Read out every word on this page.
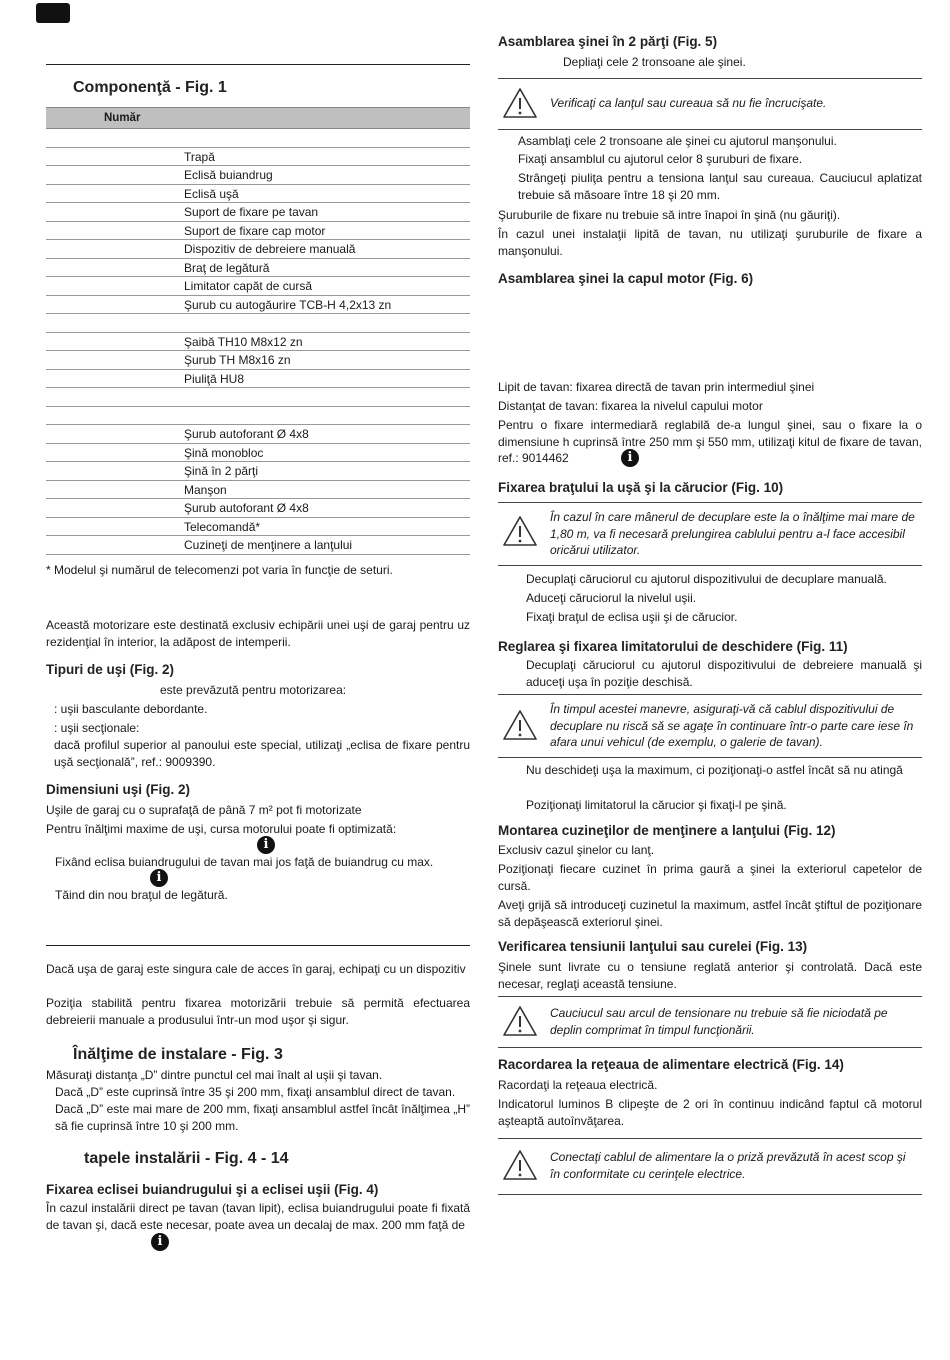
Componenţă - Fig. 1
Număr
Trapă
Eclisă buiandrug
Eclisă uşă
Suport de fixare pe tavan
Suport de fixare cap motor
Dispozitiv de debreiere manuală
Braţ de legătură
Limitator capăt de cursă
Şurub cu autogăurire TCB-H 4,2x13 zn
Şaibă TH10 M8x12 zn
Şurub TH M8x16 zn
Piuliţă HU8
Şurub autoforant Ø 4x8
Şină monobloc
Şină în 2 părţi
Manşon
Şurub autoforant Ø 4x8
Telecomandă*
Cuzineţi de menţinere a lanţului
* Modelul şi numărul de telecomenzi pot varia în funcţie de seturi.
Această motorizare este destinată exclusiv echipării unei uşi de garaj pentru uz rezidenţial în interior, la adăpost de intemperii.
Tipuri de uşi (Fig. 2)
este prevăzută pentru motorizarea:
: uşii basculante debordante.
: uşii secţionale:
dacă profilul superior al panoului este special, utilizaţi „eclisa de fixare pentru uşă secţională”, ref.: 9009390.
Dimensiuni uşi (Fig. 2)
Uşile de garaj cu o suprafaţă de până 7 m² pot fi motorizate
Pentru înălţimi maxime de uşi, cursa motorului poate fi optimizată:
i
Fixând eclisa buiandrugului de tavan mai jos faţă de buiandrug cu max.
i
Tăind din nou braţul de legătură.
Dacă uşa de garaj este singura cale de acces în garaj, echipaţi cu un dispozitiv
Poziţia stabilită pentru fixarea motorizării trebuie să permită efectuarea debreierii manuale a produsului într-un mod uşor şi sigur.
Înălţime de instalare - Fig. 3
Măsuraţi distanţa „D” dintre punctul cel mai înalt al uşii şi tavan.
Dacă „D” este cuprinsă între 35 şi 200 mm, fixaţi ansamblul direct de tavan.
Dacă „D” este mai mare de 200 mm, fixaţi ansamblul astfel încât înălţimea „H” să fie cuprinsă între 10 şi 200 mm.
tapele instalării - Fig. 4 - 14
Fixarea eclisei buiandrugului şi a eclisei uşii (Fig. 4)
În cazul instalării direct pe tavan (tavan lipit), eclisa buiandrugului poate fi fixată de tavan şi, dacă este necesar, poate avea un decalaj de max. 200 mm faţă de
i
Asamblarea şinei în 2 părţi (Fig. 5)
Depliaţi cele 2 tronsoane ale şinei.
Verificaţi ca lanţul sau cureaua să nu fie încrucişate.
Asamblaţi cele 2 tronsoane ale şinei cu ajutorul manşonului.
Fixaţi ansamblul cu ajutorul celor 8 şuruburi de fixare.
Strângeţi piuliţa pentru a tensiona lanţul sau cureaua. Cauciucul aplatizat trebuie să măsoare între 18 şi 20 mm.
Şuruburile de fixare nu trebuie să intre înapoi în şină (nu găuriţi).
În cazul unei instalaţii lipită de tavan, nu utilizaţi şuruburile de fixare a manşonului.
Asamblarea şinei la capul motor (Fig. 6)
Lipit de tavan: fixarea directă de tavan prin intermediul şinei
Distanţat de tavan: fixarea la nivelul capului motor
Pentru o fixare intermediară reglabilă de-a lungul şinei, sau o fixare la o dimensiune h cuprinsă între 250 mm şi 550 mm, utilizaţi kitul de fixare de tavan, ref.: 9014462	i
Fixarea braţului la uşă şi la cărucior (Fig. 10)
În cazul în care mânerul de decuplare este la o înălţime mai mare de 1,80 m, va fi necesară prelungirea cablului pentru a-l face accesibil oricărui utilizator.
Decuplaţi căruciorul cu ajutorul dispozitivului de decuplare manuală.
Aduceţi căruciorul la nivelul uşii.
Fixaţi braţul de eclisa uşii şi de cărucior.
Reglarea şi fixarea limitatorului de deschidere (Fig. 11)
Decuplaţi căruciorul cu ajutorul dispozitivului de debreiere manuală şi aduceţi uşa în poziţie deschisă.
În timpul acestei manevre, asiguraţi-vă că cablul dispozitivului de decuplare nu riscă să se agaţe în continuare într-o parte care iese în afara unui vehicul (de exemplu, o galerie de tavan).
Nu deschideţi uşa la maximum, ci poziţionaţi-o astfel încât să nu atingă
Poziţionaţi limitatorul la cărucior şi fixaţi-l pe şină.
Montarea cuzineţilor de menţinere a lanţului (Fig. 12)
Exclusiv cazul şinelor cu lanţ.
Poziţionaţi fiecare cuzinet în prima gaură a şinei la exteriorul capetelor de cursă.
Aveţi grijă să introduceţi cuzinetul la maximum, astfel încât ştiftul de poziţionare să depăşească exteriorul şinei.
Verificarea tensiunii lanţului sau curelei (Fig. 13)
Şinele sunt livrate cu o tensiune reglată anterior şi controlată. Dacă este necesar, reglaţi această tensiune.
Cauciucul sau arcul de tensionare nu trebuie să fie niciodată pe deplin comprimat în timpul funcţionării.
Racordarea la reţeaua de alimentare electrică (Fig. 14)
Racordaţi la reţeaua electrică.
Indicatorul luminos B clipeşte de 2 ori în continuu indicând faptul că motorul aşteaptă autoînvăţarea.
Conectaţi cablul de alimentare la o priză prevăzută în acest scop şi în conformitate cu cerinţele electrice.
